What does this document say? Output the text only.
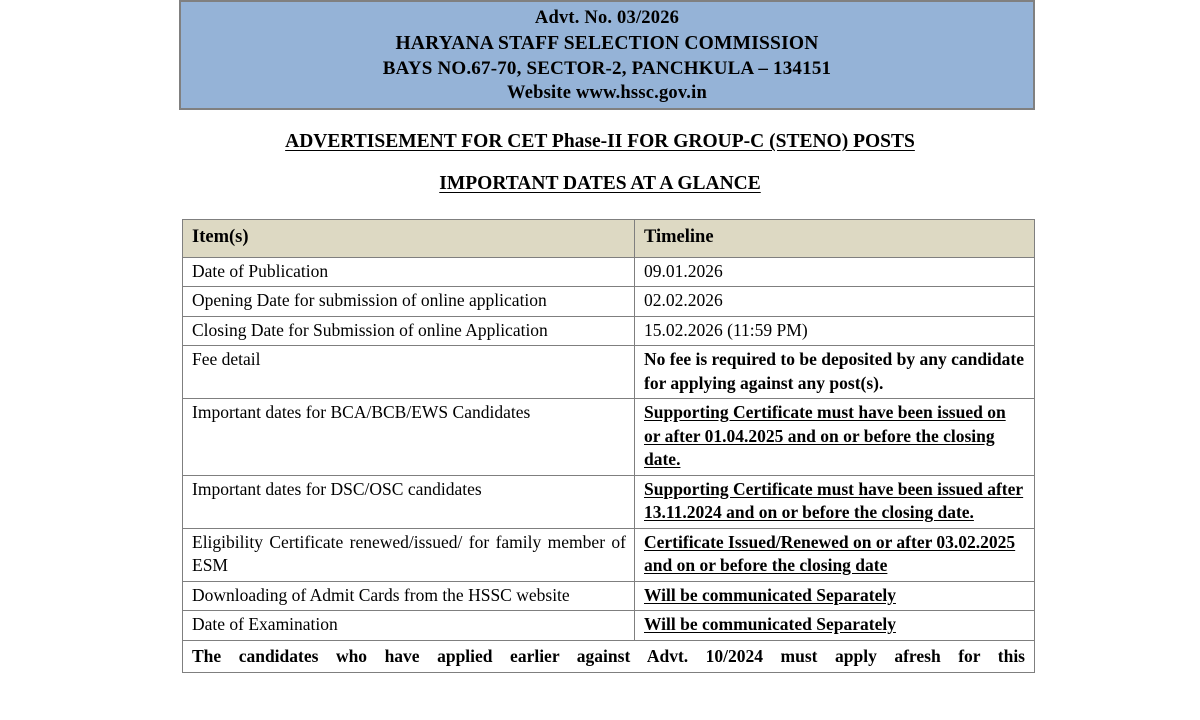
Advt. No. 03/2026
HARYANA STAFF SELECTION COMMISSION
BAYS NO.67-70, SECTOR-2, PANCHKULA – 134151
Website www.hssc.gov.in
ADVERTISEMENT FOR CET Phase-II FOR GROUP-C (STENO) POSTS
IMPORTANT DATES AT A GLANCE
Item(s)	Timeline
Date of Publication	09.01.2026
Opening Date for submission of online application	02.02.2026
Closing Date for Submission of online Application	15.02.2026 (11:59 PM)
Fee detail	No fee is required to be deposited by any candidate for applying against any post(s).
Important dates for BCA/BCB/EWS Candidates	Supporting Certificate must have been issued on or after 01.04.2025 and on or before the closing date.
Important dates for DSC/OSC candidates	Supporting Certificate must have been issued after 13.11.2024 and on or before the closing date.
Eligibility Certificate renewed/issued/ for family member of ESM	Certificate Issued/Renewed on or after 03.02.2025 and on or before the closing date
Downloading of Admit Cards from the HSSC website	Will be communicated Separately
Date of Examination	Will be communicated Separately
The candidates who have applied earlier against Advt. 10/2024 must apply afresh for this	
